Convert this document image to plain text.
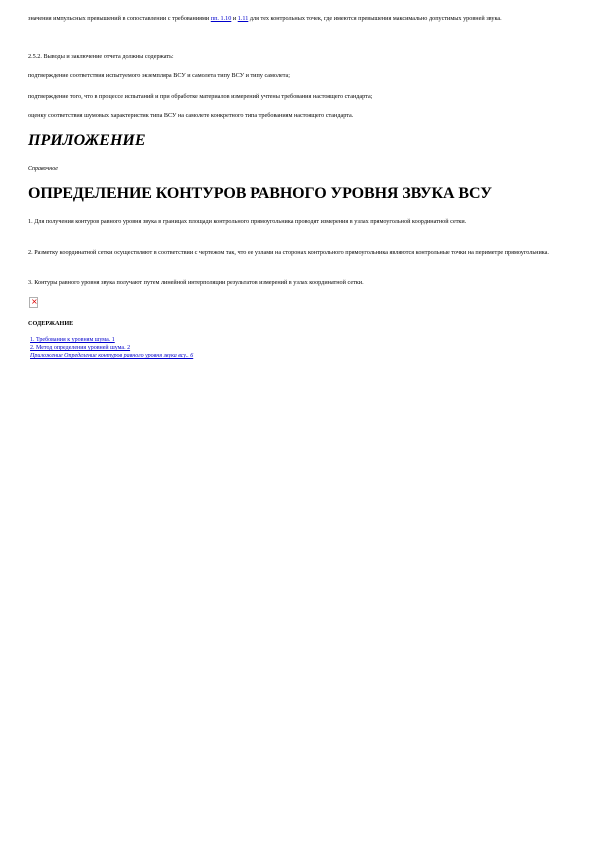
значения импульсных превышений в сопоставлении с требованиями пп. 1.10 и 1.11 для тех контрольных точек, где имеются превышения максимально допустимых уровней звука.

2.5.2. Выводы и заключение отчета должны содержать:

подтверждение соответствия испытуемого экземпляра ВСУ и самолета типу ВСУ и типу самолета;

подтверждение того, что в процессе испытаний и при обработке материалов измерений учтены требования настоящего стандарта;

оценку соответствия шумовых характеристик типа ВСУ на самолете конкретного типа требованиям настоящего стандарта.

ПРИЛОЖЕНИЕ

Справочное

ОПРЕДЕЛЕНИЕ КОНТУРОВ РАВНОГО УРОВНЯ ЗВУКА ВСУ

1. Для получения контуров равного уровня звука в границах площади контрольного прямоугольника проводят измерения в узлах прямоугольной координатной сетки.

2. Разметку координатной сетки осуществляют в соответствии с чертежом так, что ее узлами на сторонах контрольного прямоугольника являются контрольные точки на периметре прямоугольника.

3. Контуры равного уровня звука получают путем линейной интерполяции результатов измерений в узлах координатной сетки.

×

СОДЕРЖАНИЕ

1. Требования к уровням шума. 1
2. Метод определения уровней шума. 2
Приложение Определение контуров равного уровня звука всу.. 6
